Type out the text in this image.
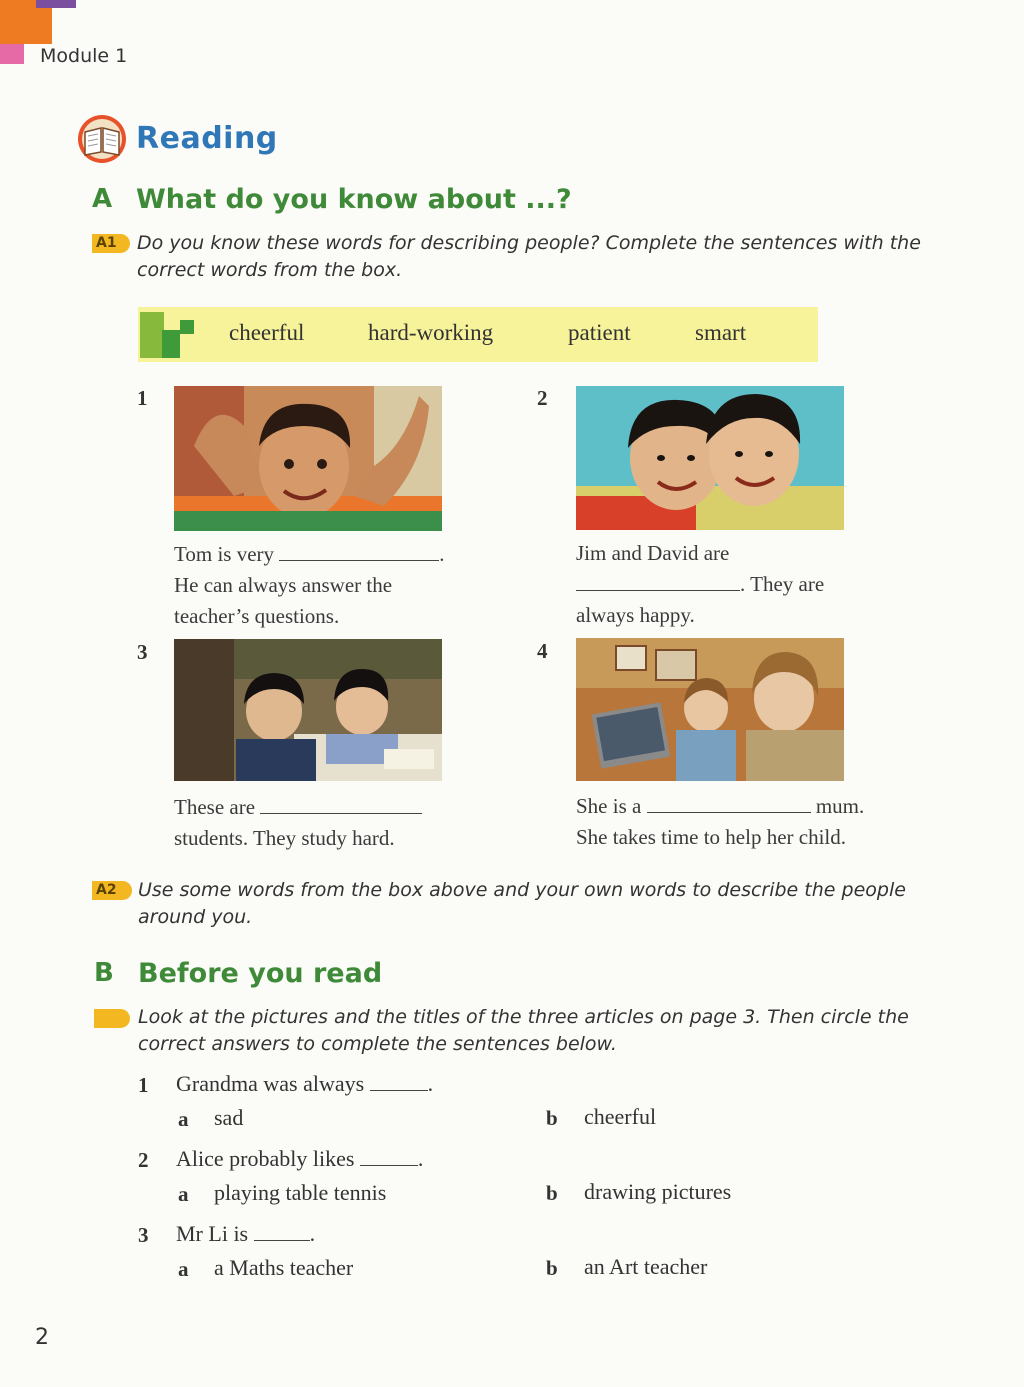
Module 1
Reading
A What do you know about ...?
A1	Do you know these words for describing people? Complete the sentences with the
correct words from the box.
cheerful	hard-working	patient	smart
1
Tom is very	.
He can always answer the
teacher’s questions.
2
Jim and David are
. They are
always happy.
3
These are
students. They study hard.
4
She is a	mum.
She takes time to help her child.
A2	Use some words from the box above and your own words to describe the people
around you.
B Before you read
Look at the pictures and the titles of the three articles on page 3. Then circle the
correct answers to complete the sentences below.
1 Grandma was always	.
a sad	b cheerful
2 Alice probably likes	.
a playing table tennis	b drawing pictures
3 Mr Li is	.
a a Maths teacher	b an Art teacher
2
